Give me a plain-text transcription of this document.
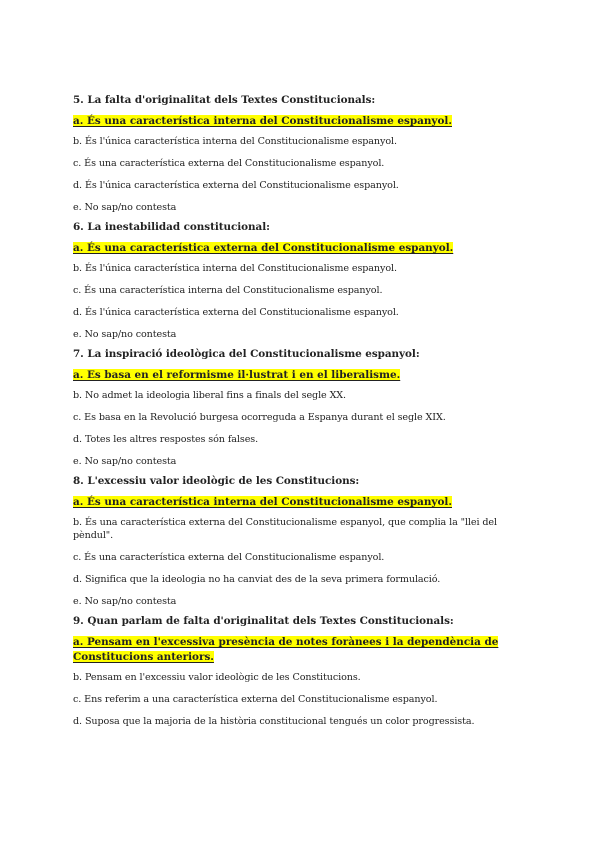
5. La falta d'originalitat dels Textes Constitucionals:
a. És una característica interna del Constitucionalisme espanyol.
b. És l'única característica interna del Constitucionalisme espanyol.
c. És una característica externa del Constitucionalisme espanyol.
d. És l'única característica externa del Constitucionalisme espanyol.
e. No sap/no contesta
6. La inestabilidad constitucional:
a. És una característica externa del Constitucionalisme espanyol.
b. És l'única característica interna del Constitucionalisme espanyol.
c. És una característica interna del Constitucionalisme espanyol.
d. És l'única característica externa del Constitucionalisme espanyol.
e. No sap/no contesta
7. La inspiració ideològica del Constitucionalisme espanyol:
a. Es basa en el reformisme il·lustrat i en el liberalisme.
b. No admet la ideologia liberal fins a finals del segle XX.
c. Es basa en la Revolució burgesa ocorreguda a Espanya durant el segle XIX.
d. Totes les altres respostes són falses.
e. No sap/no contesta
8. L'excessiu valor ideològic de les Constitucions:
a. És una característica interna del Constitucionalisme espanyol.
b. És una característica externa del Constitucionalisme espanyol, que complia la "llei del pèndul".
c. És una característica externa del Constitucionalisme espanyol.
d. Significa que la ideologia no ha canviat des de la seva primera formulació.
e. No sap/no contesta
9. Quan parlam de falta d'originalitat dels Textes Constitucionals:
a. Pensam en l'excessiva presència de notes forànees i la dependència de Constitucions anteriors.
b. Pensam en l'excessiu valor ideològic de les Constitucions.
c. Ens referim a una característica externa del Constitucionalisme espanyol.
d. Suposa que la majoria de la història constitucional tengués un color progressista.
